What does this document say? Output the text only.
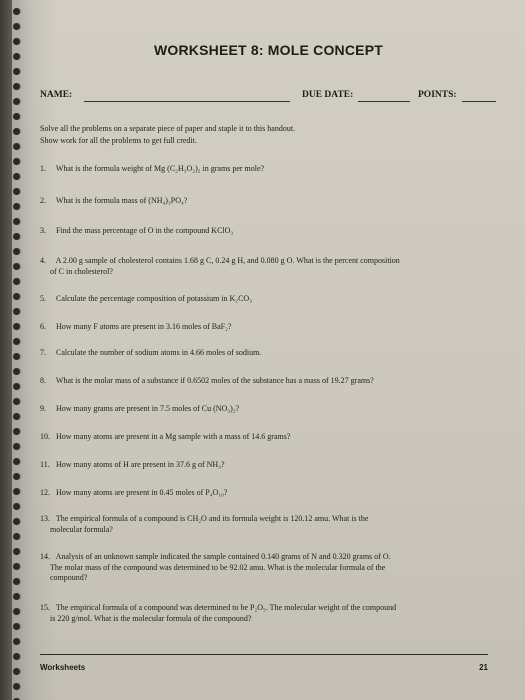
WORKSHEET 8: MOLE CONCEPT
NAME:	DUE DATE:	POINTS:
Solve all the problems on a separate piece of paper and staple it to this handout.
Show work for all the problems to get full credit.
1. What is the formula weight of Mg (C₂H₃O₂)₂ in grams per mole?
2. What is the formula mass of (NH₄)₃PO₄?
3. Find the mass percentage of O in the compound KClO₃
4. A 2.00 g sample of cholesterol contains 1.68 g C, 0.24 g H, and 0.080 g O. What is the percent composition
of C in cholesterol?
5. Calculate the percentage composition of potassium in K₂CO₃
6. How many F atoms are present in 3.16 moles of BaF₂?
7. Calculate the number of sodium atoms in 4.66 moles of sodium.
8. What is the molar mass of a substance if 0.6502 moles of the substance has a mass of 19.27 grams?
9. How many grams are present in 7.5 moles of Cu (NO₃)₂?
10. How many atoms are present in a Mg sample with a mass of 14.6 grams?
11. How many atoms of H are present in 37.6 g of NH₃?
12. How many atoms are present in 0.45 moles of P₄O₁₀?
13. The empirical formula of a compound is CH₂O and its formula weight is 120.12 amu. What is the
molecular formula?
14. Analysis of an unknown sample indicated the sample contained 0.140 grams of N and 0.320 grams of O.
The molar mass of the compound was determined to be 92.02 amu. What is the molecular formula of the
compound?
15. The empirical formula of a compound was determined to be P₂O₅. The molecular weight of the compound
is 220 g/mol. What is the molecular formula of the compound?
Worksheets	21
